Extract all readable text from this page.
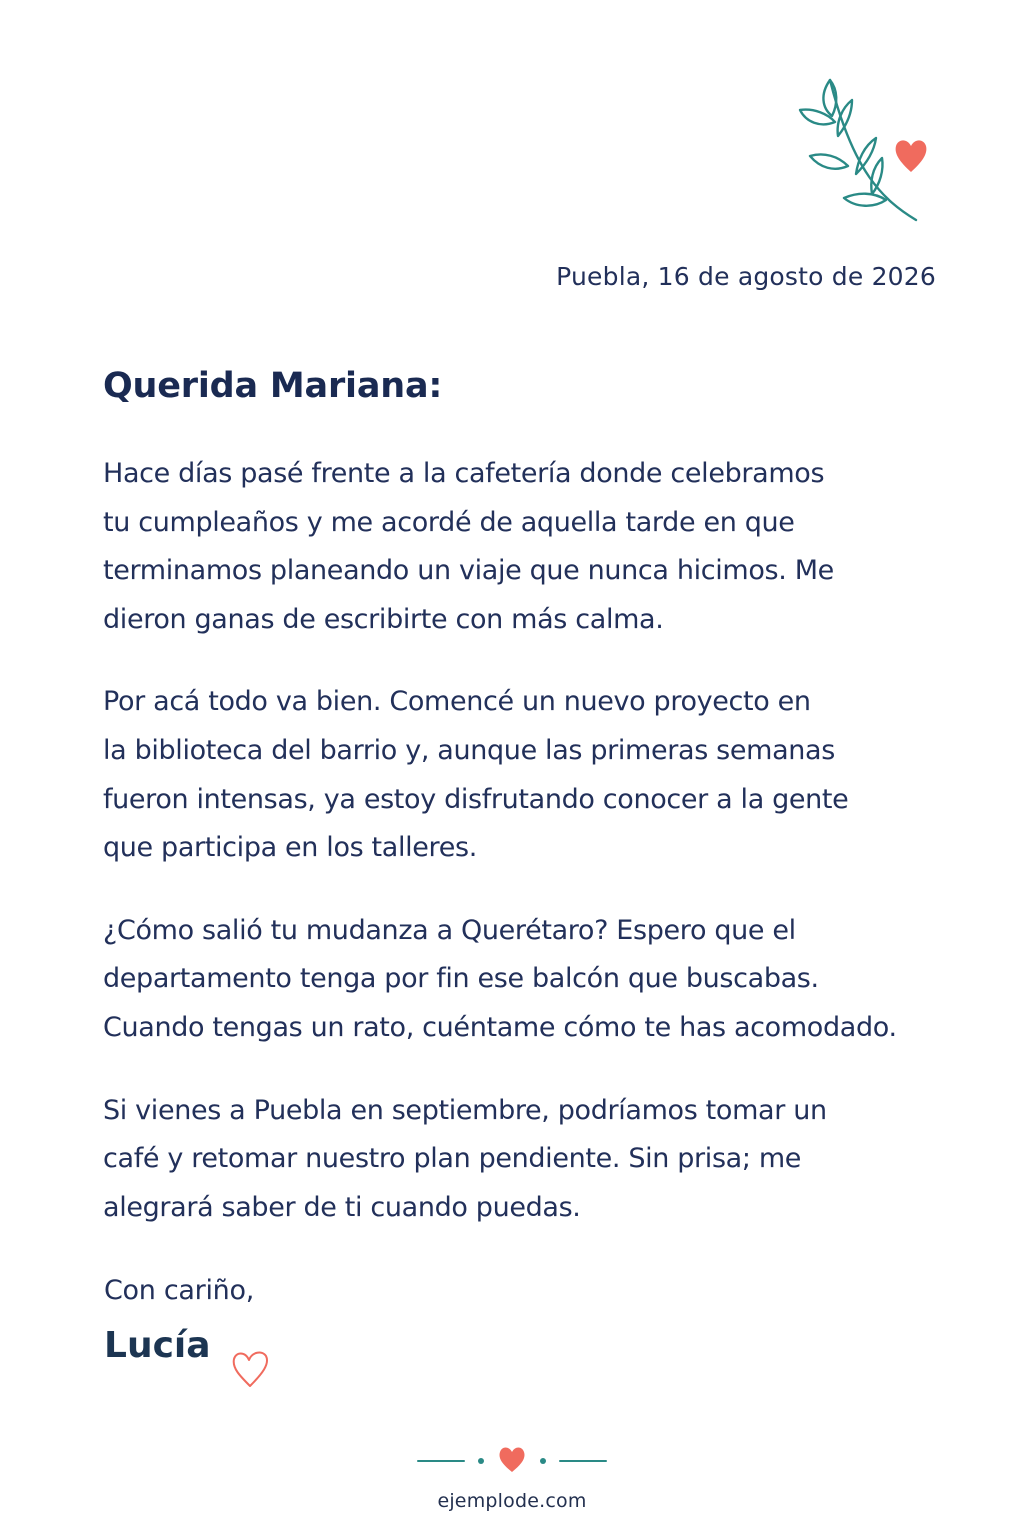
Puebla, 16 de agosto de 2026
Querida Mariana:

Hace días pasé frente a la cafetería donde celebramos
tu cumpleaños y me acordé de aquella tarde en que
terminamos planeando un viaje que nunca hicimos. Me
dieron ganas de escribirte con más calma.

Por acá todo va bien. Comencé un nuevo proyecto en
la biblioteca del barrio y, aunque las primeras semanas
fueron intensas, ya estoy disfrutando conocer a la gente
que participa en los talleres.

¿Cómo salió tu mudanza a Querétaro? Espero que el
departamento tenga por fin ese balcón que buscabas.
Cuando tengas un rato, cuéntame cómo te has acomodado.

Si vienes a Puebla en septiembre, podríamos tomar un
café y retomar nuestro plan pendiente. Sin prisa; me
alegrará saber de ti cuando puedas.

Con cariño,
Lucía
ejemplode.com
